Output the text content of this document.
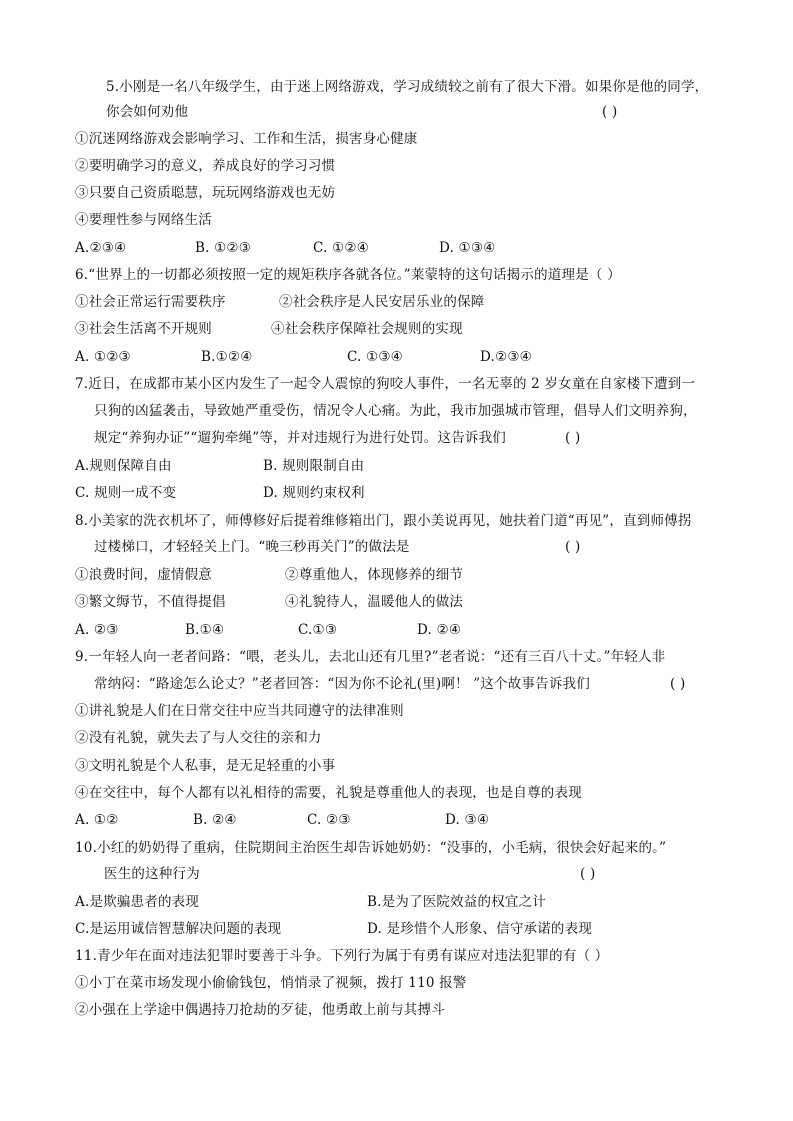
5.小刚是一名八年级学生，由于迷上网络游戏，学习成绩较之前有了很大下滑。如果你是他的同学，
你会如何劝他	( )
①沉迷网络游戏会影响学习、工作和生活，损害身心健康
②要明确学习的意义，养成良好的学习习惯
③只要自己资质聪慧，玩玩网络游戏也无妨
④要理性参与网络生活
A.②③④	B. ①②③	C. ①②④	D. ①③④
6.“世界上的一切都必须按照一定的规矩秩序各就各位。”莱蒙特的这句话揭示的道理是（ ）
①社会正常运行需要秩序	②社会秩序是人民安居乐业的保障
③社会生活离不开规则	④社会秩序保障社会规则的实现
A. ①②③	B.①②④	C. ①③④	D.②③④
7.近日，在成都市某小区内发生了一起令人震惊的狗咬人事件，一名无辜的 2 岁女童在自家楼下遭到一
只狗的凶猛袭击，导致她严重受伤，情况令人心痛。为此，我市加强城市管理，倡导人们文明养狗，
规定“养狗办证”“遛狗牵绳”等，并对违规行为进行处罚。这告诉我们	( )
A.规则保障自由	B. 规则限制自由
C. 规则一成不变	D. 规则约束权利
8.小美家的洗衣机坏了，师傅修好后提着维修箱出门，跟小美说再见，她扶着门道“再见”，直到师傅拐
过楼梯口，才轻轻关上门。“晚三秒再关门”的做法是	( )
①浪费时间，虚情假意	②尊重他人，体现修养的细节
③繁文缛节，不值得提倡	④礼貌待人，温暖他人的做法
A. ②③	B.①④	C.①③	D. ②④
9.一年轻人向一老者问路：“喂，老头儿，去北山还有几里?”老者说：“还有三百八十丈。”年轻人非
常纳闷：“路途怎么论丈？”老者回答：“因为你不论礼(里)啊！ ”这个故事告诉我们	( )
①讲礼貌是人们在日常交往中应当共同遵守的法律准则
②没有礼貌，就失去了与人交往的亲和力
③文明礼貌是个人私事，是无足轻重的小事
④在交往中，每个人都有以礼相待的需要，礼貌是尊重他人的表现，也是自尊的表现
A. ①②	B. ②④	C. ②③	D. ③④
10.小红的奶奶得了重病，住院期间主治医生却告诉她奶奶：“没事的，小毛病，很快会好起来的。”
医生的这种行为	( )
A.是欺骗患者的表现	B.是为了医院效益的权宜之计
C.是运用诚信智慧解决问题的表现	D. 是珍惜个人形象、信守承诺的表现
11.青少年在面对违法犯罪时要善于斗争。下列行为属于有勇有谋应对违法犯罪的有（ ）
①小丁在菜市场发现小偷偷钱包，悄悄录了视频，拨打 110 报警
②小强在上学途中偶遇持刀抢劫的歹徒，他勇敢上前与其搏斗
